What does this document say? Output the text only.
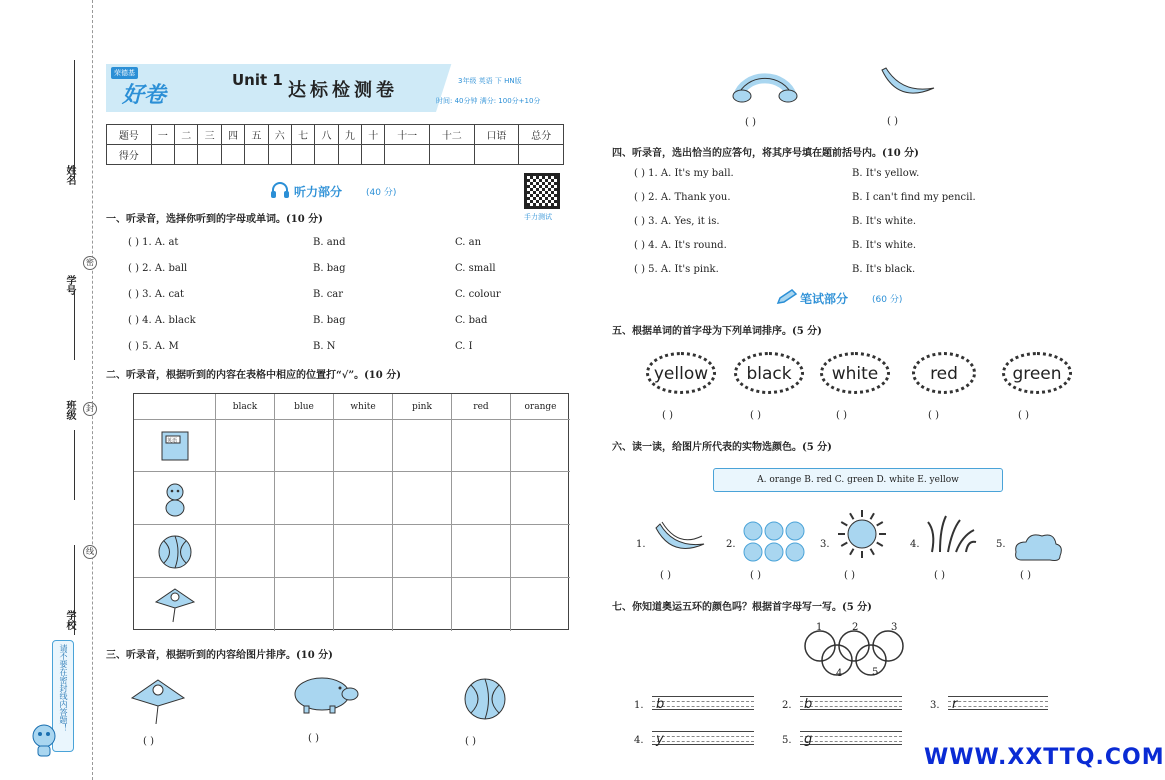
姓名
学号
班级
学校
密
封
线
请不要在密封线内答题！
荣德基
好卷
Unit 1 达标检测卷	3年级 英语 下 HN版
时间: 40分钟 满分: 100分+10分
题号	一	二	三	四	五	六	七	八	九	十	十一	十二	口语	总分
得分														
手力测试
听力部分	(40 分)
一、听录音，选择你听到的字母或单词。(10 分)
( ) 1. A. at	B. and	C. an
( ) 2. A. ball	B. bag	C. small
( ) 3. A. cat	B. car	C. colour
( ) 4. A. black	B. bag	C. bad
( ) 5. A. M	B. N	C. I
二、听录音，根据听到的内容在表格中相应的位置打“√”。(10 分)
black	blue	white	pink	red	orange
英语
三、听录音，根据听到的内容给图片排序。(10 分)
( )	( )	( )
( )	( )
四、听录音，选出恰当的应答句，将其序号填在题前括号内。(10 分)
( ) 1. A. It's my ball.	B. It's yellow.
( ) 2. A. Thank you.	B. I can't find my pencil.
( ) 3. A. Yes, it is.	B. It's white.
( ) 4. A. It's round.	B. It's white.
( ) 5. A. It's pink.	B. It's black.
笔试部分	(60 分)
五、根据单词的首字母为下列单词排序。(5 分)
yellow
( )
black
( )
white
( )
red
( )
green
( )
六、读一读，给图片所代表的实物选颜色。(5 分)
A. orange B. red C. green D. white E. yellow
1.
( )
2.
( )
3.
( )
4.
( )
5.
( )
七、你知道奥运五环的颜色吗？根据首字母写一写。(5 分)
1	2	3
4	5
1. b	2. b	3. r
4. y	5. g
WWW.XXTTQ.COM
